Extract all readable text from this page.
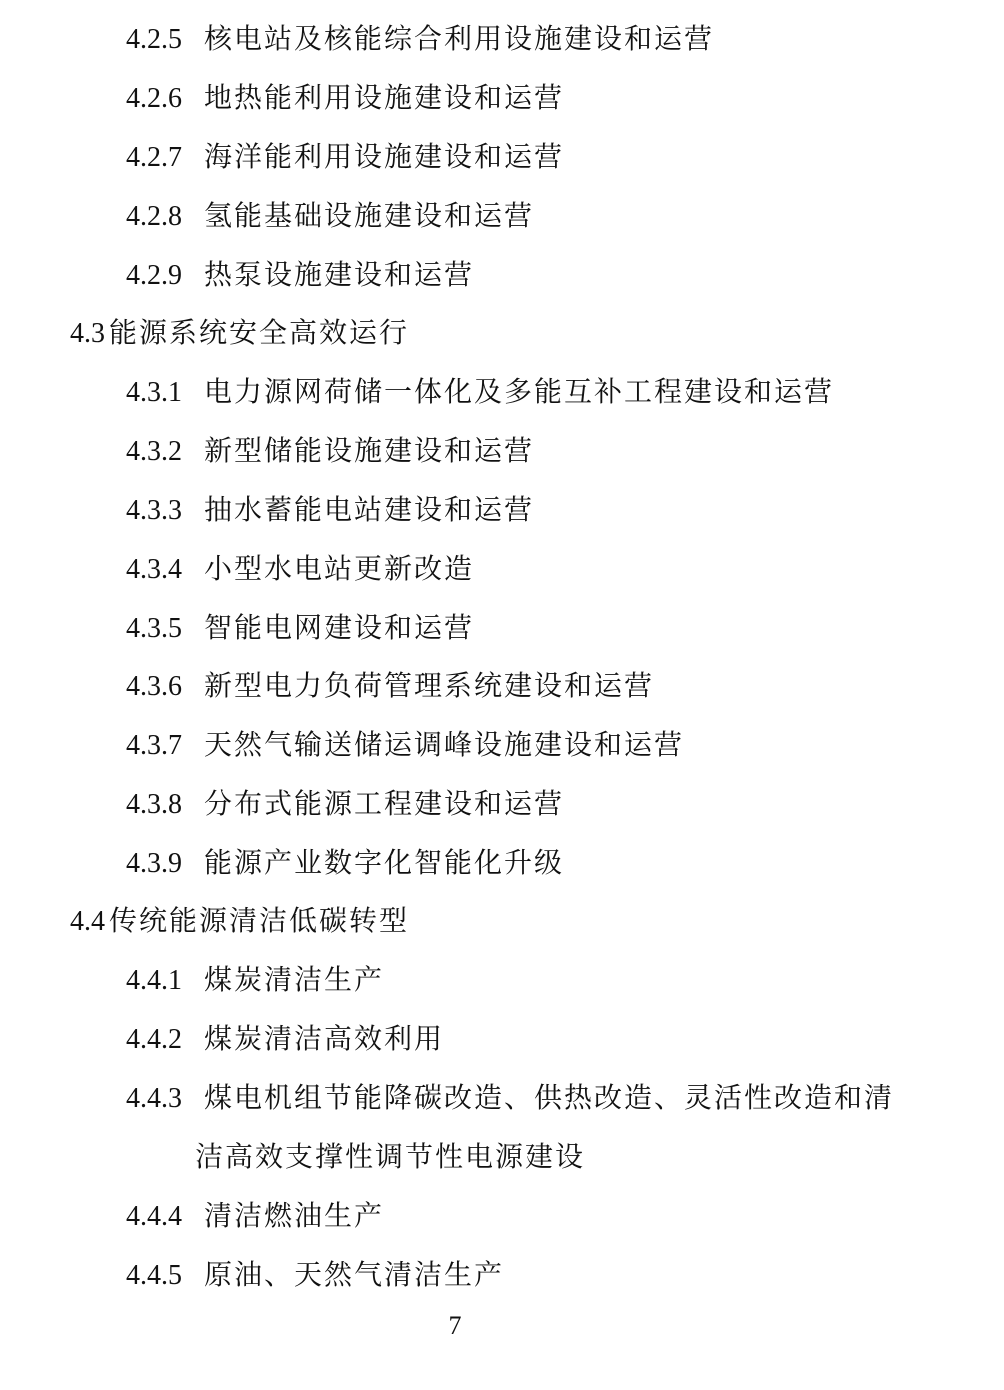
4.2.5 核电站及核能综合利用设施建设和运营
4.2.6 地热能利用设施建设和运营
4.2.7 海洋能利用设施建设和运营
4.2.8 氢能基础设施建设和运营
4.2.9 热泵设施建设和运营
4.3 能源系统安全高效运行
4.3.1 电力源网荷储一体化及多能互补工程建设和运营
4.3.2 新型储能设施建设和运营
4.3.3 抽水蓄能电站建设和运营
4.3.4 小型水电站更新改造
4.3.5 智能电网建设和运营
4.3.6 新型电力负荷管理系统建设和运营
4.3.7 天然气输送储运调峰设施建设和运营
4.3.8 分布式能源工程建设和运营
4.3.9 能源产业数字化智能化升级
4.4 传统能源清洁低碳转型
4.4.1 煤炭清洁生产
4.4.2 煤炭清洁高效利用
4.4.3 煤电机组节能降碳改造、供热改造、灵活性改造和清
洁高效支撑性调节性电源建设
4.4.4 清洁燃油生产
4.4.5 原油、天然气清洁生产
7
